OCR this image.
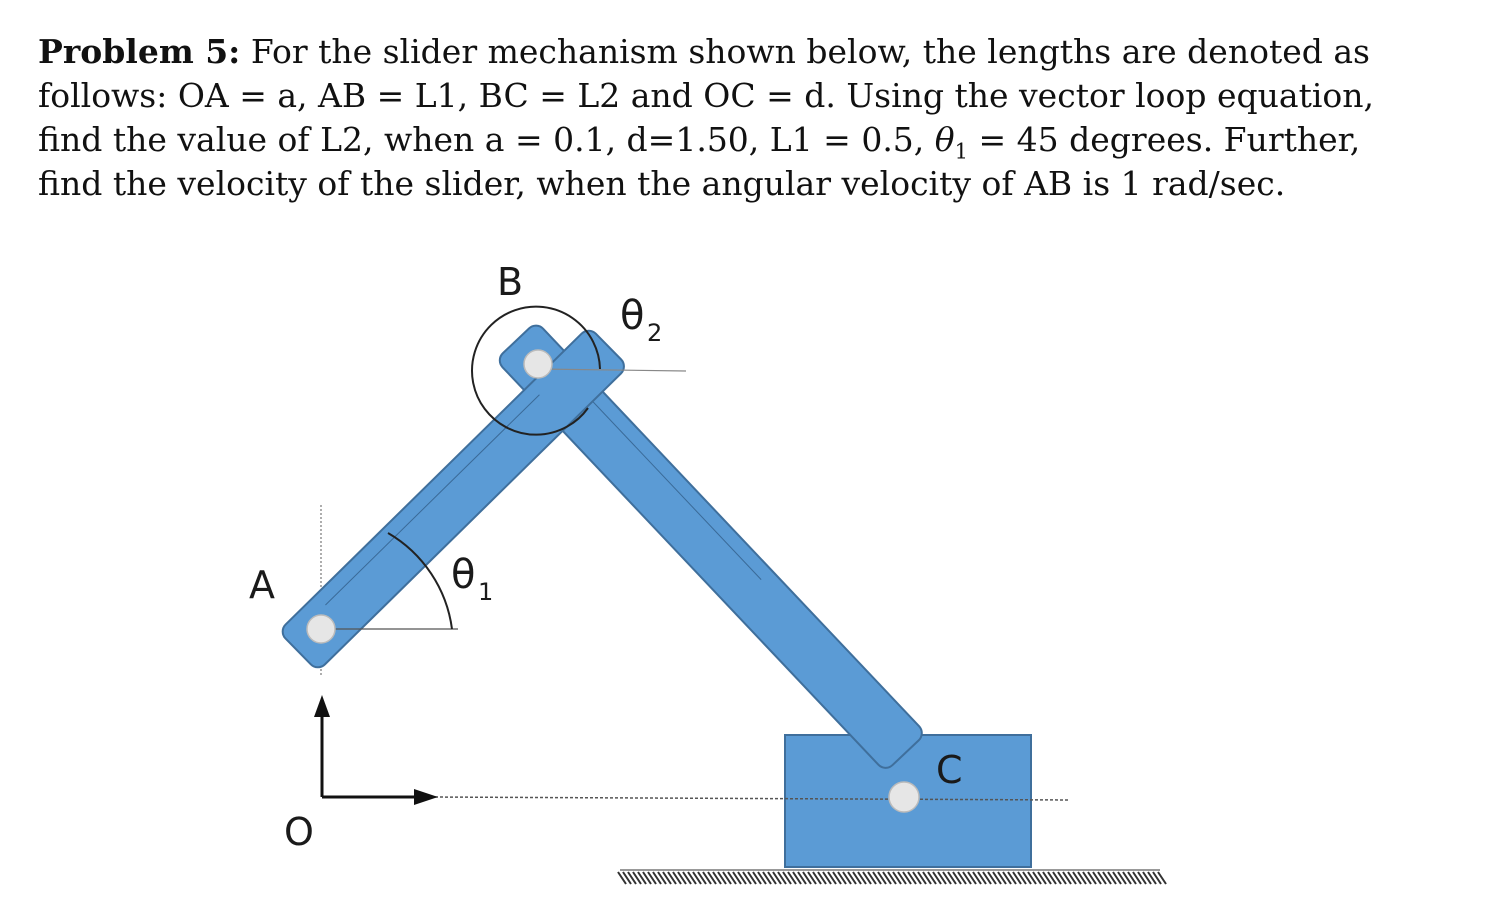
Problem 5: For the slider mechanism shown below, the lengths are denoted as
follows: OA = a, AB = L1, BC = L2 and OC = d. Using the vector loop equation,
find the value of L2, when a = 0.1, d=1.50, L1 = 0.5, $\theta_1 = 45$ degrees. Further,
find the velocity of the slider, when the angular velocity of AB is 1 rad/sec.
B
A
C
O
θ 1
θ 2
